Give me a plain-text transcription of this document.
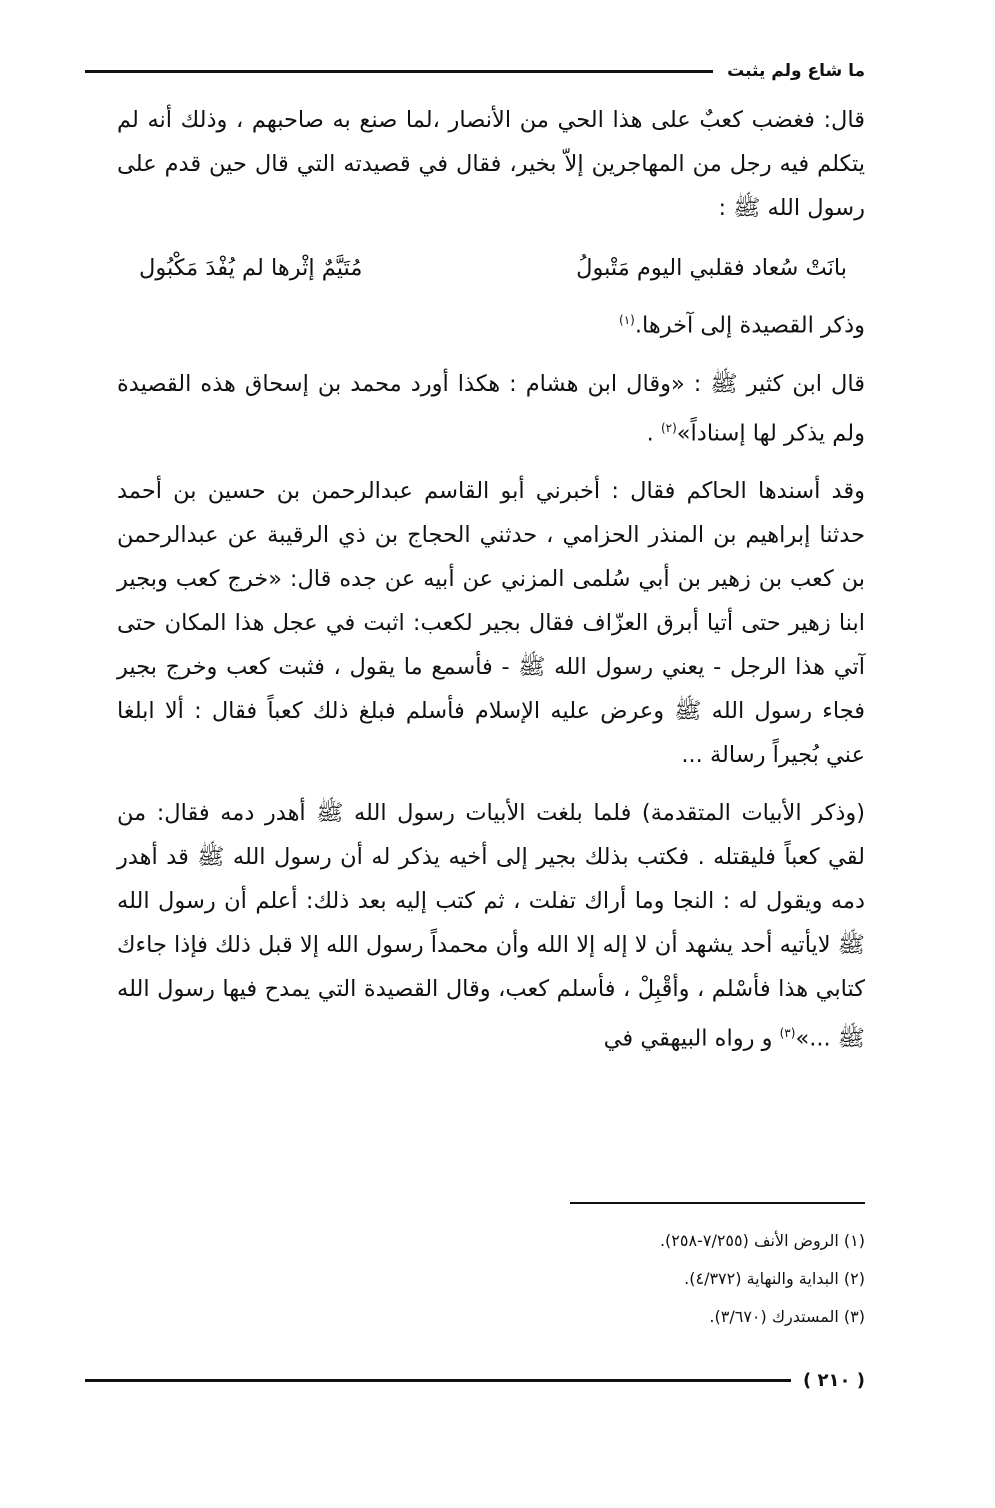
ما شاع ولم يثبت

قال: فغضب كعبٌ على هذا الحي من الأنصار ،لما صنع به صاحبهم ، وذلك أنه لم يتكلم فيه رجل من المهاجرين إلاّ بخير، فقال في قصيدته التي قال حين قدم على رسول الله ﷺ :

بانَتْ سُعاد فقلبي اليوم مَتْبولُ
مُتَيَّمٌ إثْرها لم يُفْدَ مَكْبُول

وذكر القصيدة إلى آخرها.$^{(١)}$

قال ابن كثير ﷺ : «وقال ابن هشام : هكذا أورد محمد بن إسحاق هذه القصيدة ولم يذكر لها إسناداً»$^{(٢)}$ .

وقد أسندها الحاكم فقال : أخبرني أبو القاسم عبدالرحمن بن حسين بن أحمد حدثنا إبراهيم بن المنذر الحزامي ، حدثني الحجاج بن ذي الرقيبة عن عبدالرحمن بن كعب بن زهير بن أبي سُلمى المزني عن أبيه عن جده قال: «خرج كعب وبجير ابنا زهير حتى أتيا أبرق العزّاف فقال بجير لكعب: اثبت في عجل هذا المكان حتى آتي هذا الرجل - يعني رسول الله ﷺ - فأسمع ما يقول ، فثبت كعب وخرج بجير فجاء رسول الله ﷺ وعرض عليه الإسلام فأسلم فبلغ ذلك كعباً فقال : ألا ابلغا عني بُجيراً رسالة ...

(وذكر الأبيات المتقدمة) فلما بلغت الأبيات رسول الله ﷺ أهدر دمه فقال: من لقي كعباً فليقتله . فكتب بذلك بجير إلى أخيه يذكر له أن رسول الله ﷺ قد أهدر دمه ويقول له : النجا وما أراك تفلت ، ثم كتب إليه بعد ذلك: أعلم أن رسول الله ﷺ لايأتيه أحد يشهد أن لا إله إلا الله وأن محمداً رسول الله إلا قبل ذلك فإذا جاءك كتابي هذا فأسْلم ، وأقْبِلْ ، فأسلم كعب، وقال القصيدة التي يمدح فيها رسول الله ﷺ ...»$^{(٣)}$ و رواه البيهقي في

(١) الروض الأنف (٧/٢٥٥-٢٥٨).

(٢) البداية والنهاية (٤/٣٧٢).

(٣) المستدرك (٣/٦٧٠).

( ٢١٠ )
